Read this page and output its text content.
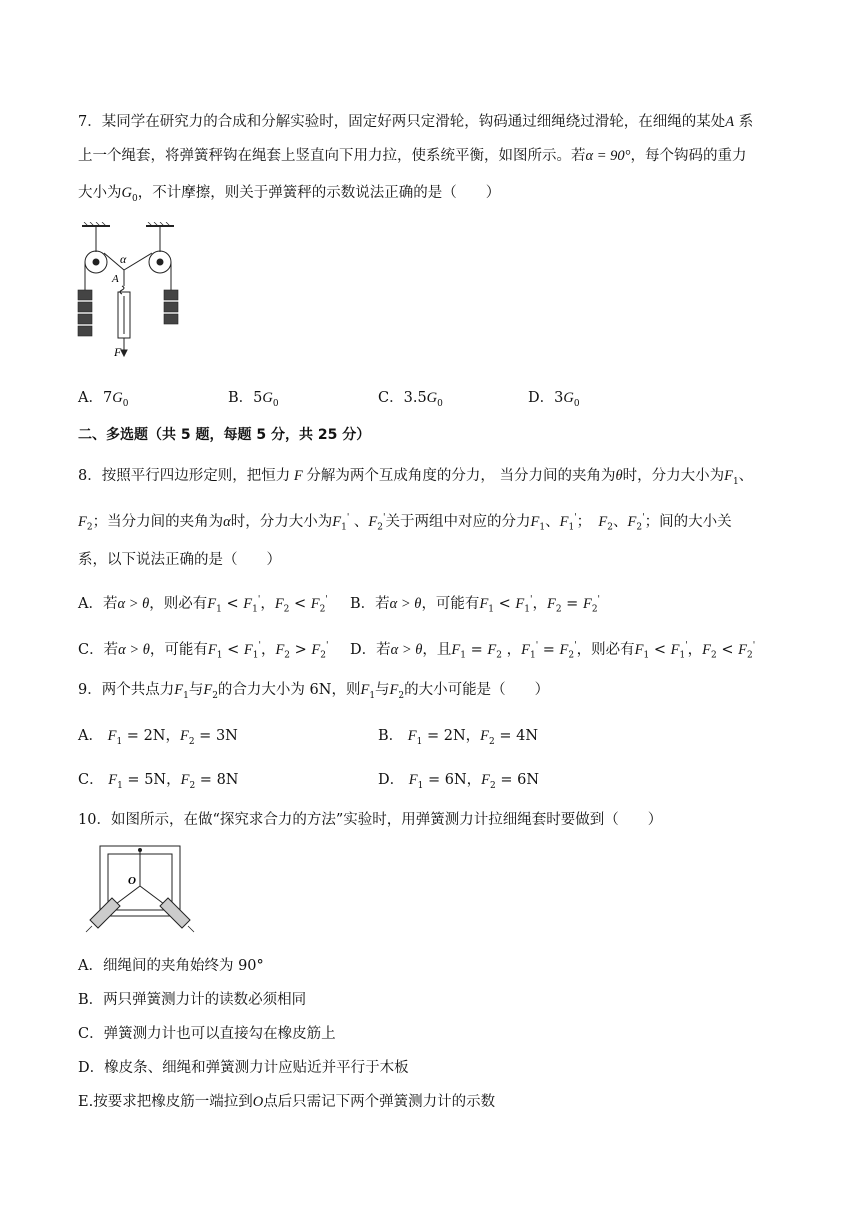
7．某同学在研究力的合成和分解实验时，固定好两只定滑轮，钩码通过细绳绕过滑轮，在细绳的某处A 系
上一个绳套，将弹簧秤钩在绳套上竖直向下用力拉，使系统平衡，如图所示。若α = 90°，每个钩码的重力
大小为$G_0$，不计摩擦，则关于弹簧秤的示数说法正确的是（　　）
α
A
F
A．$7G_0$	B．$5G_0$	C．$3.5G_0$	D．$3G_0$
二、多选题（共 5 题，每题 5 分，共 25 分）
8．按照平行四边形定则，把恒力 F 分解为两个互成角度的分力， 当分力间的夹角为θ时，分力大小为$F_1$、
$F_2$；当分力间的夹角为α时，分力大小为$F_1'$ 、$F_2'$关于两组中对应的分力$F_1$、$F_1'$；　$F_2$、$F_2'$；间的大小关
系，以下说法正确的是（　　）
A．若α > θ，则必有$F_1 < F_1'$，$F_2 < F_2'$ B．若α > θ，可能有$F_1 < F_1'$，$F_2 = F_2'$
C．若α > θ，可能有$F_1 < F_1'$，$F_2 > F_2'$ D．若α > θ，且$F_1 = F_2$ ，$F_1' = F_2'$，则必有$F_1 < F_1'$，$F_2 < F_2'$
9．两个共点力$F_1$与$F_2$的合力大小为 6N，则$F_1$与$F_2$的大小可能是（　　）
A． $F_1 = 2N$，$F_2 = 3N$	B． $F_1 = 2N$，$F_2 = 4N$
C． $F_1 = 5N$，$F_2 = 8N$	D． $F_1 = 6N$，$F_2 = 6N$
10．如图所示，在做“探究求合力的方法”实验时，用弹簧测力计拉细绳套时要做到（　　）
O
A．细绳间的夹角始终为 90°
B．两只弹簧测力计的读数必须相同
C．弹簧测力计也可以直接勾在橡皮筋上
D．橡皮条、细绳和弹簧测力计应贴近并平行于木板
E.按要求把橡皮筋一端拉到O点后只需记下两个弹簧测力计的示数
